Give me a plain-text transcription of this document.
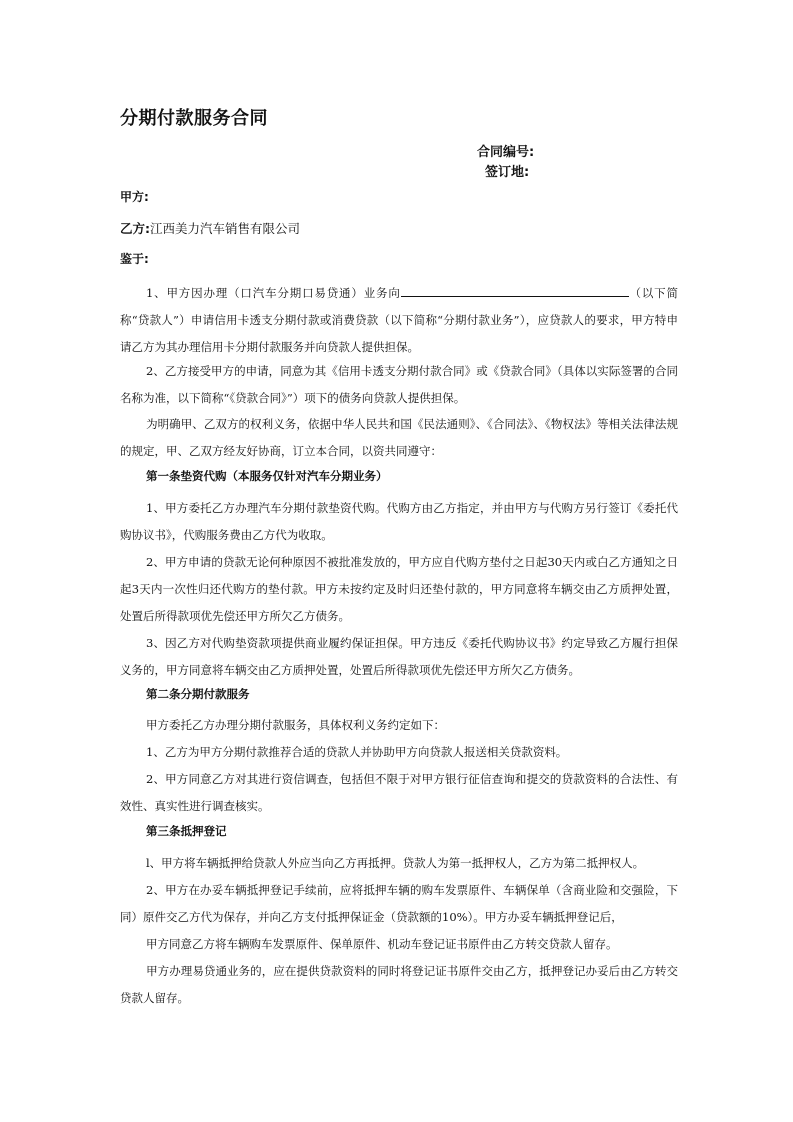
分期付款服务合同
合同编号:
签订地:
甲方:
乙方:江西美力汽车销售有限公司
鉴于:
1、甲方因办理（口汽车分期口易贷通）业务向	（以下简称“贷款人”）申请信用卡透支分期付款或消费贷款（以下简称“分期付款业务”），应贷款人的要求，甲方特申请乙方为其办理信用卡分期付款服务并向贷款人提供担保。
2、乙方接受甲方的申请，同意为其《信用卡透支分期付款合同》或《贷款合同》（具体以实际签署的合同名称为准，以下简称“《贷款合同》”）项下的债务向贷款人提供担保。
为明确甲、乙双方的权利义务，依据中华人民共和国《民法通则》、《合同法》、《物权法》等相关法律法规的规定，甲、乙双方经友好协商，订立本合同，以资共同遵守：
第一条垫资代购（本服务仅针对汽车分期业务）
1、甲方委托乙方办理汽车分期付款垫资代购。代购方由乙方指定，并由甲方与代购方另行签订《委托代购协议书》，代购服务费由乙方代为收取。
2、甲方申请的贷款无论何种原因不被批准发放的，甲方应自代购方垫付之日起30天内或白乙方通知之日起3天内一次性归还代购方的垫付款。甲方未按约定及时归还垫付款的，甲方同意将车辆交由乙方质押处置，处置后所得款项优先偿还甲方所欠乙方债务。
3、因乙方对代购垫资款项提供商业履约保证担保。甲方违反《委托代购协议书》约定导致乙方履行担保义务的，甲方同意将车辆交由乙方质押处置，处置后所得款项优先偿还甲方所欠乙方债务。
第二条分期付款服务
甲方委托乙方办理分期付款服务，具体权利义务约定如下：
1、乙方为甲方分期付款推荐合适的贷款人并协助甲方向贷款人报送相关贷款资料。
2、甲方同意乙方对其进行资信调查，包括但不限于对甲方银行征信查询和提交的贷款资料的合法性、有效性、真实性进行调查核实。
第三条抵押登记
l、甲方将车辆抵押给贷款人外应当向乙方再抵押。贷款人为第一抵押权人，乙方为第二抵押权人。
2、甲方在办妥车辆抵押登记手续前，应将抵押车辆的购车发票原件、车辆保单（含商业险和交强险，下同）原件交乙方代为保存，并向乙方支付抵押保证金（贷款额的10%）。甲方办妥车辆抵押登记后，
甲方同意乙方将车辆购车发票原件、保单原件、机动车登记证书原件由乙方转交贷款人留存。
甲方办理易贷通业务的，应在提供贷款资料的同时将登记证书原件交由乙方，抵押登记办妥后由乙方转交贷款人留存。
